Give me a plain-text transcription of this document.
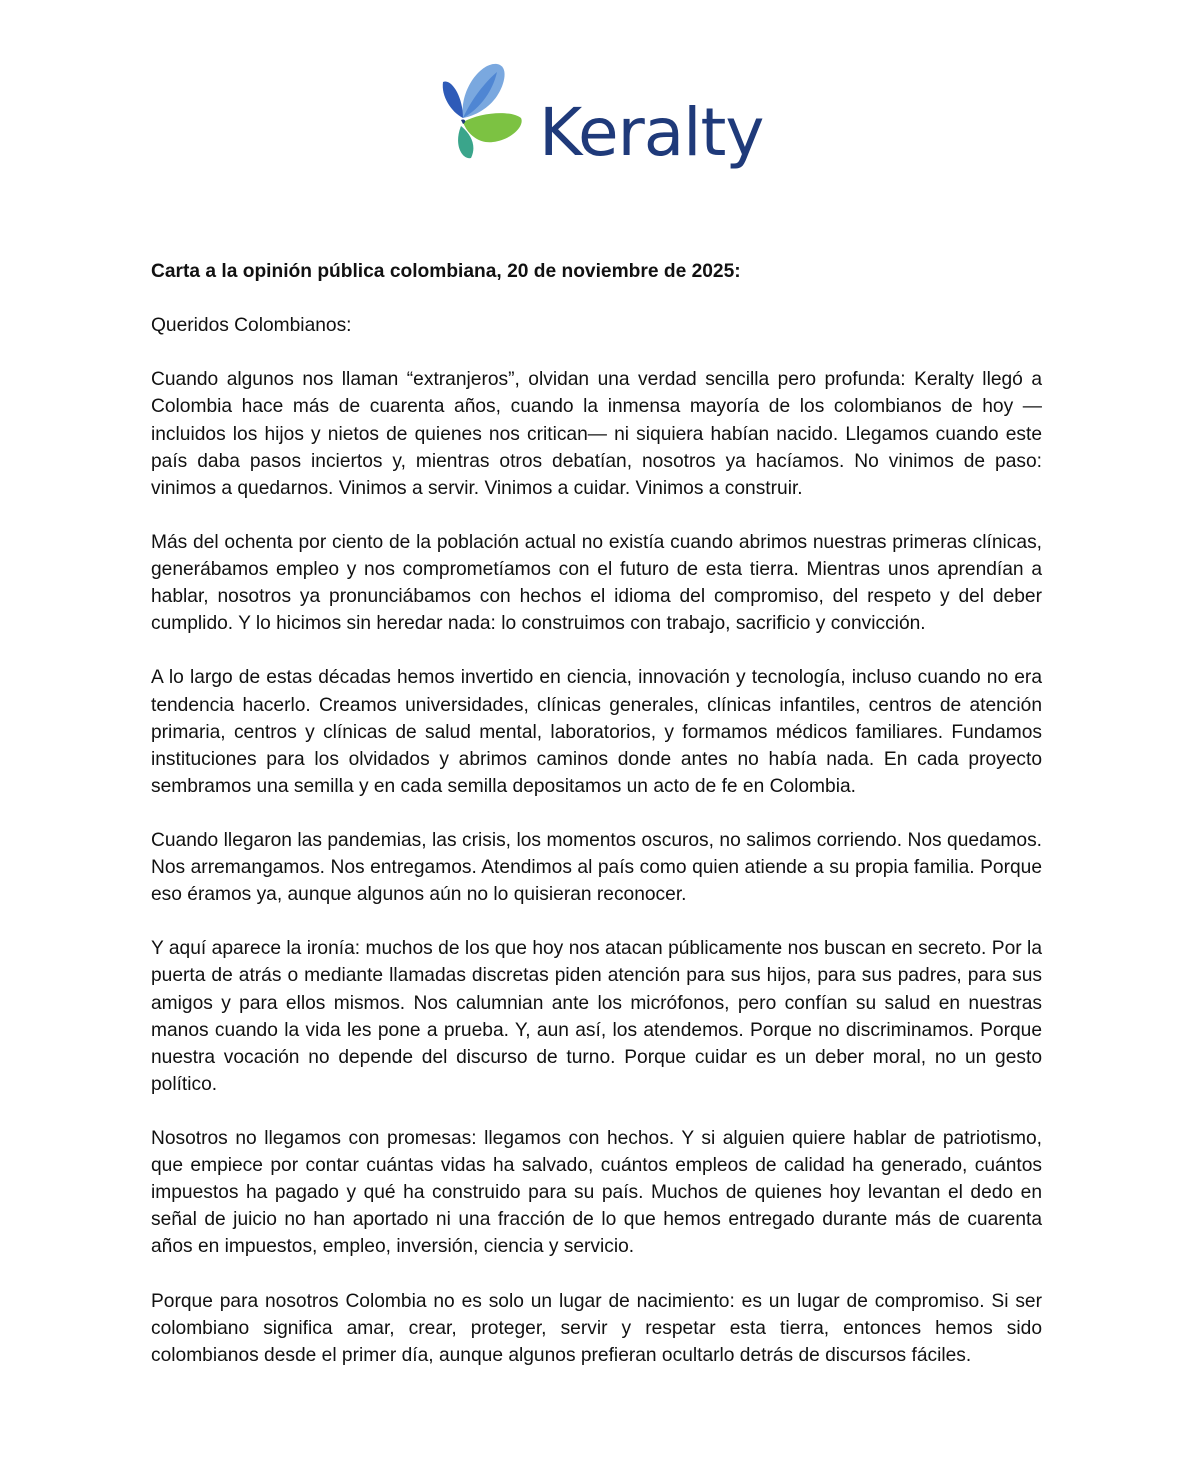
Keralty

Carta a la opinión pública colombiana, 20 de noviembre de 2025:

Queridos Colombianos:

Cuando algunos nos llaman “extranjeros”, olvidan una verdad sencilla pero profunda: Keralty llegó a Colombia hace más de cuarenta años, cuando la inmensa mayoría de los colombianos de hoy —incluidos los hijos y nietos de quienes nos critican— ni siquiera habían nacido. Llegamos cuando este país daba pasos inciertos y, mientras otros debatían, nosotros ya hacíamos. No vinimos de paso: vinimos a quedarnos. Vinimos a servir. Vinimos a cuidar. Vinimos a construir.

Más del ochenta por ciento de la población actual no existía cuando abrimos nuestras primeras clínicas, generábamos empleo y nos comprometíamos con el futuro de esta tierra. Mientras unos aprendían a hablar, nosotros ya pronunciábamos con hechos el idioma del compromiso, del respeto y del deber cumplido. Y lo hicimos sin heredar nada: lo construimos con trabajo, sacrificio y convicción.

A lo largo de estas décadas hemos invertido en ciencia, innovación y tecnología, incluso cuando no era tendencia hacerlo. Creamos universidades, clínicas generales, clínicas infantiles, centros de atención primaria, centros y clínicas de salud mental, laboratorios, y formamos médicos familiares. Fundamos instituciones para los olvidados y abrimos caminos donde antes no había nada. En cada proyecto sembramos una semilla y en cada semilla depositamos un acto de fe en Colombia.

Cuando llegaron las pandemias, las crisis, los momentos oscuros, no salimos corriendo. Nos quedamos. Nos arremangamos. Nos entregamos. Atendimos al país como quien atiende a su propia familia. Porque eso éramos ya, aunque algunos aún no lo quisieran reconocer.

Y aquí aparece la ironía: muchos de los que hoy nos atacan públicamente nos buscan en secreto. Por la puerta de atrás o mediante llamadas discretas piden atención para sus hijos, para sus padres, para sus amigos y para ellos mismos. Nos calumnian ante los micrófonos, pero confían su salud en nuestras manos cuando la vida les pone a prueba. Y, aun así, los atendemos. Porque no discriminamos. Porque nuestra vocación no depende del discurso de turno. Porque cuidar es un deber moral, no un gesto político.

Nosotros no llegamos con promesas: llegamos con hechos. Y si alguien quiere hablar de patriotismo, que empiece por contar cuántas vidas ha salvado, cuántos empleos de calidad ha generado, cuántos impuestos ha pagado y qué ha construido para su país. Muchos de quienes hoy levantan el dedo en señal de juicio no han aportado ni una fracción de lo que hemos entregado durante más de cuarenta años en impuestos, empleo, inversión, ciencia y servicio.

Porque para nosotros Colombia no es solo un lugar de nacimiento: es un lugar de compromiso. Si ser colombiano significa amar, crear, proteger, servir y respetar esta tierra, entonces hemos sido colombianos desde el primer día, aunque algunos prefieran ocultarlo detrás de discursos fáciles.
